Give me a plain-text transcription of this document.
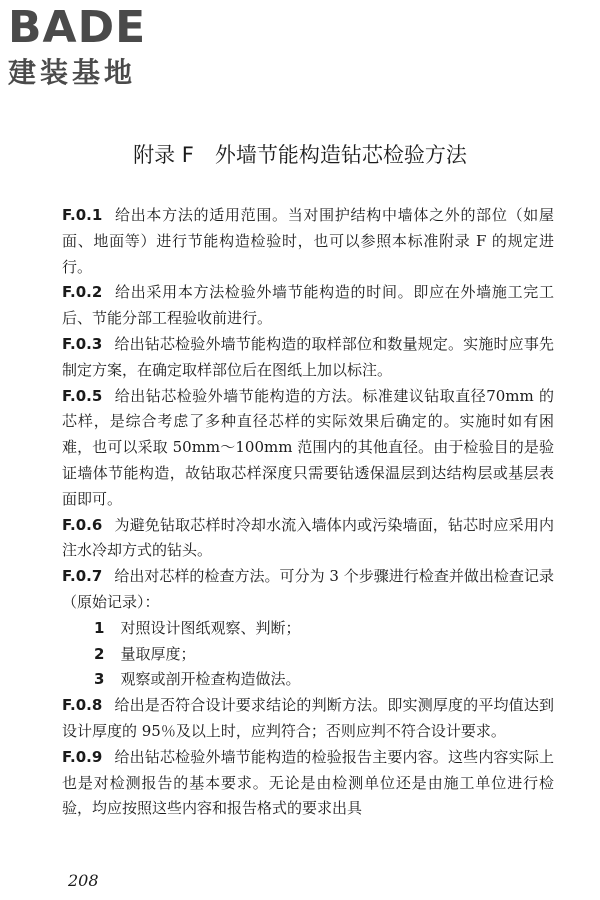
BADE
建装基地
附录 F　外墙节能构造钻芯检验方法

F.0.1 给出本方法的适用范围。当对围护结构中墙体之外的部位（如屋面、地面等）进行节能构造检验时，也可以参照本标准附录 F 的规定进行。

F.0.2 给出采用本方法检验外墙节能构造的时间。即应在外墙施工完工后、节能分部工程验收前进行。

F.0.3 给出钻芯检验外墙节能构造的取样部位和数量规定。实施时应事先制定方案，在确定取样部位后在图纸上加以标注。

F.0.5 给出钻芯检验外墙节能构造的方法。标准建议钻取直径70mm 的芯样，是综合考虑了多种直径芯样的实际效果后确定的。实施时如有困难，也可以采取 50mm～100mm 范围内的其他直径。由于检验目的是验证墙体节能构造，故钻取芯样深度只需要钻透保温层到达结构层或基层表面即可。

F.0.6 为避免钻取芯样时冷却水流入墙体内或污染墙面，钻芯时应采用内注水冷却方式的钻头。

F.0.7 给出对芯样的检查方法。可分为 3 个步骤进行检查并做出检查记录（原始记录）：

1 对照设计图纸观察、判断；

2 量取厚度；

3 观察或剖开检查构造做法。

F.0.8 给出是否符合设计要求结论的判断方法。即实测厚度的平均值达到设计厚度的 95％及以上时，应判符合；否则应判不符合设计要求。

F.0.9 给出钻芯检验外墙节能构造的检验报告主要内容。这些内容实际上也是对检测报告的基本要求。无论是由检测单位还是由施工单位进行检验，均应按照这些内容和报告格式的要求出具

208
